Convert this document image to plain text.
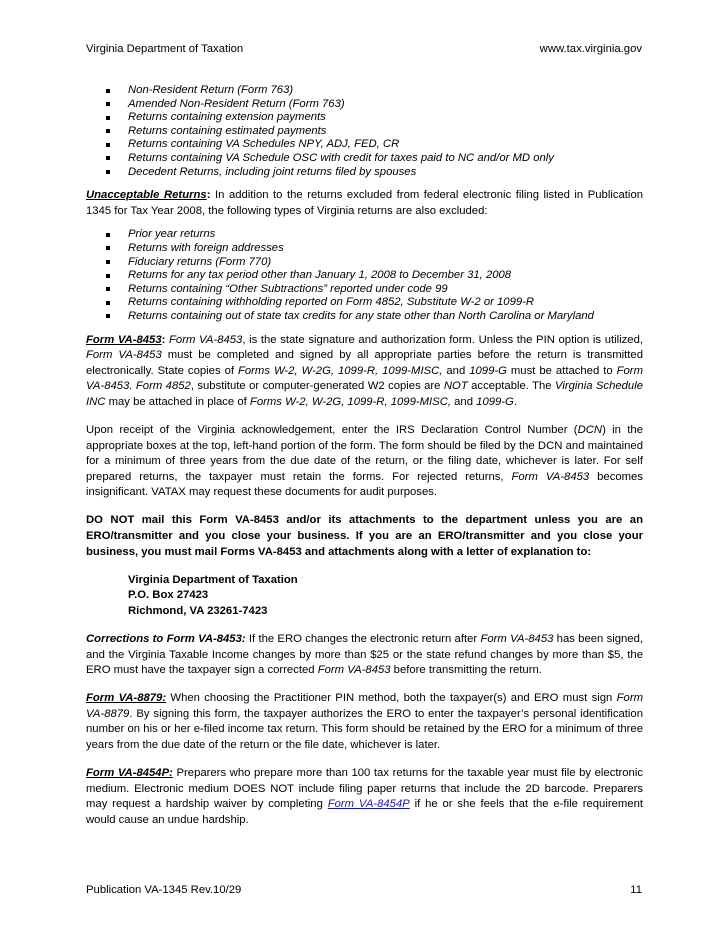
Virginia Department of Taxation	www.tax.virginia.gov
Non-Resident Return (Form 763)
Amended Non-Resident Return (Form 763)
Returns containing extension payments
Returns containing estimated payments
Returns containing VA Schedules NPY, ADJ, FED, CR
Returns containing VA Schedule OSC with credit for taxes paid to NC and/or MD only
Decedent Returns, including joint returns filed by spouses

Unacceptable Returns: In addition to the returns excluded from federal electronic filing listed in Publication 1345 for Tax Year 2008, the following types of Virginia returns are also excluded:

Prior year returns
Returns with foreign addresses
Fiduciary returns (Form 770)
Returns for any tax period other than January 1, 2008 to December 31, 2008
Returns containing “Other Subtractions” reported under code 99
Returns containing withholding reported on Form 4852, Substitute W-2 or 1099-R
Returns containing out of state tax credits for any state other than North Carolina or Maryland

Form VA-8453: Form VA-8453, is the state signature and authorization form. Unless the PIN option is utilized, Form VA-8453 must be completed and signed by all appropriate parties before the return is transmitted electronically. State copies of Forms W-2, W-2G, 1099-R, 1099-MISC, and 1099-G must be attached to Form VA-8453. Form 4852, substitute or computer-generated W2 copies are NOT acceptable. The Virginia Schedule INC may be attached in place of Forms W-2, W-2G, 1099-R, 1099-MISC, and 1099-G.

Upon receipt of the Virginia acknowledgement, enter the IRS Declaration Control Number (DCN) in the appropriate boxes at the top, left-hand portion of the form. The form should be filed by the DCN and maintained for a minimum of three years from the due date of the return, or the filing date, whichever is later. For self prepared returns, the taxpayer must retain the forms. For rejected returns, Form VA-8453 becomes insignificant. VATAX may request these documents for audit purposes.

DO NOT mail this Form VA-8453 and/or its attachments to the department unless you are an ERO/transmitter and you close your business. If you are an ERO/transmitter and you close your business, you must mail Forms VA-8453 and attachments along with a letter of explanation to:

Virginia Department of Taxation
P.O. Box 27423
Richmond, VA 23261-7423

Corrections to Form VA-8453: If the ERO changes the electronic return after Form VA-8453 has been signed, and the Virginia Taxable Income changes by more than $25 or the state refund changes by more than $5, the ERO must have the taxpayer sign a corrected Form VA-8453 before transmitting the return.

Form VA-8879: When choosing the Practitioner PIN method, both the taxpayer(s) and ERO must sign Form VA-8879. By signing this form, the taxpayer authorizes the ERO to enter the taxpayer’s personal identification number on his or her e-filed income tax return. This form should be retained by the ERO for a minimum of three years from the due date of the return or the file date, whichever is later.

Form VA-8454P: Preparers who prepare more than 100 tax returns for the taxable year must file by electronic medium. Electronic medium DOES NOT include filing paper returns that include the 2D barcode. Preparers may request a hardship waiver by completing Form VA-8454P if he or she feels that the e-file requirement would cause an undue hardship.

Publication VA-1345 Rev.10/29	11
